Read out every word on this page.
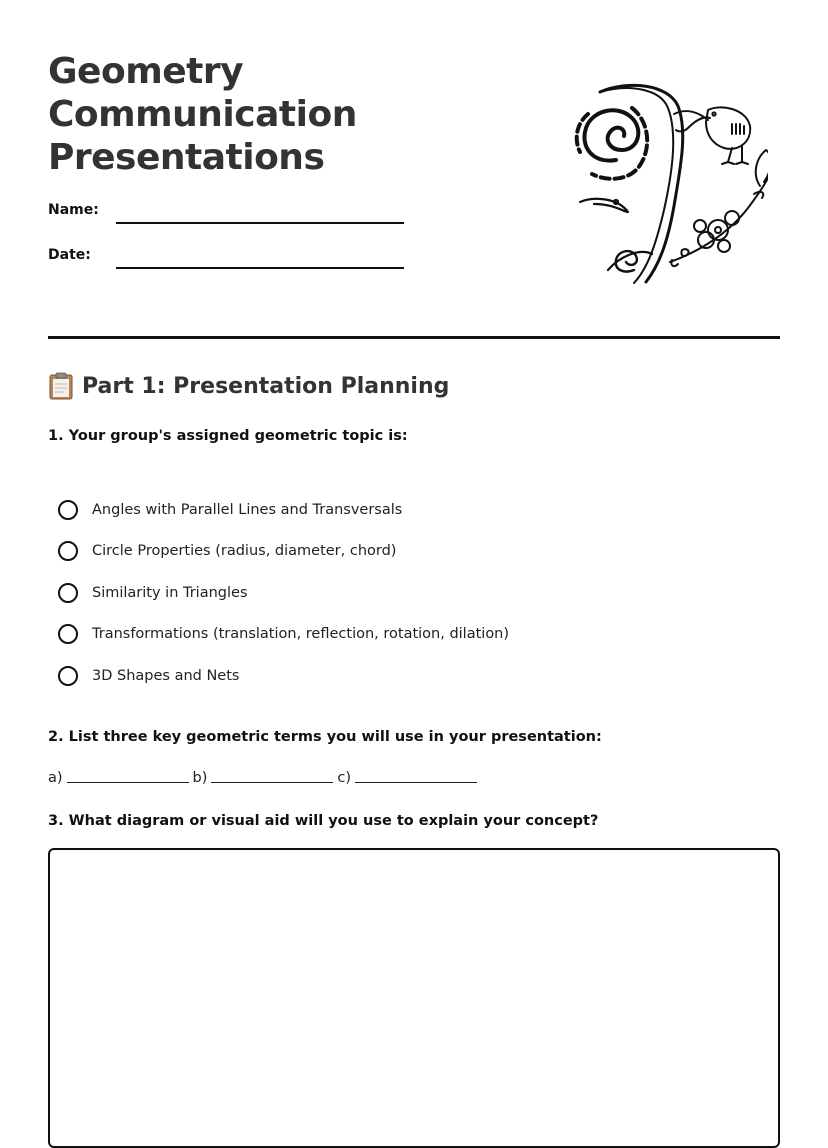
Geometry
Communication
Presentations
Name:
Date:
Part 1: Presentation Planning

1. Your group's assigned geometric topic is:

Angles with Parallel Lines and Transversals
Circle Properties (radius, diameter, chord)
Similarity in Triangles
Transformations (translation, reflection, rotation, dilation)
3D Shapes and Nets

2. List three key geometric terms you will use in your presentation:

a)	b)	c)

3. What diagram or visual aid will you use to explain your concept?
